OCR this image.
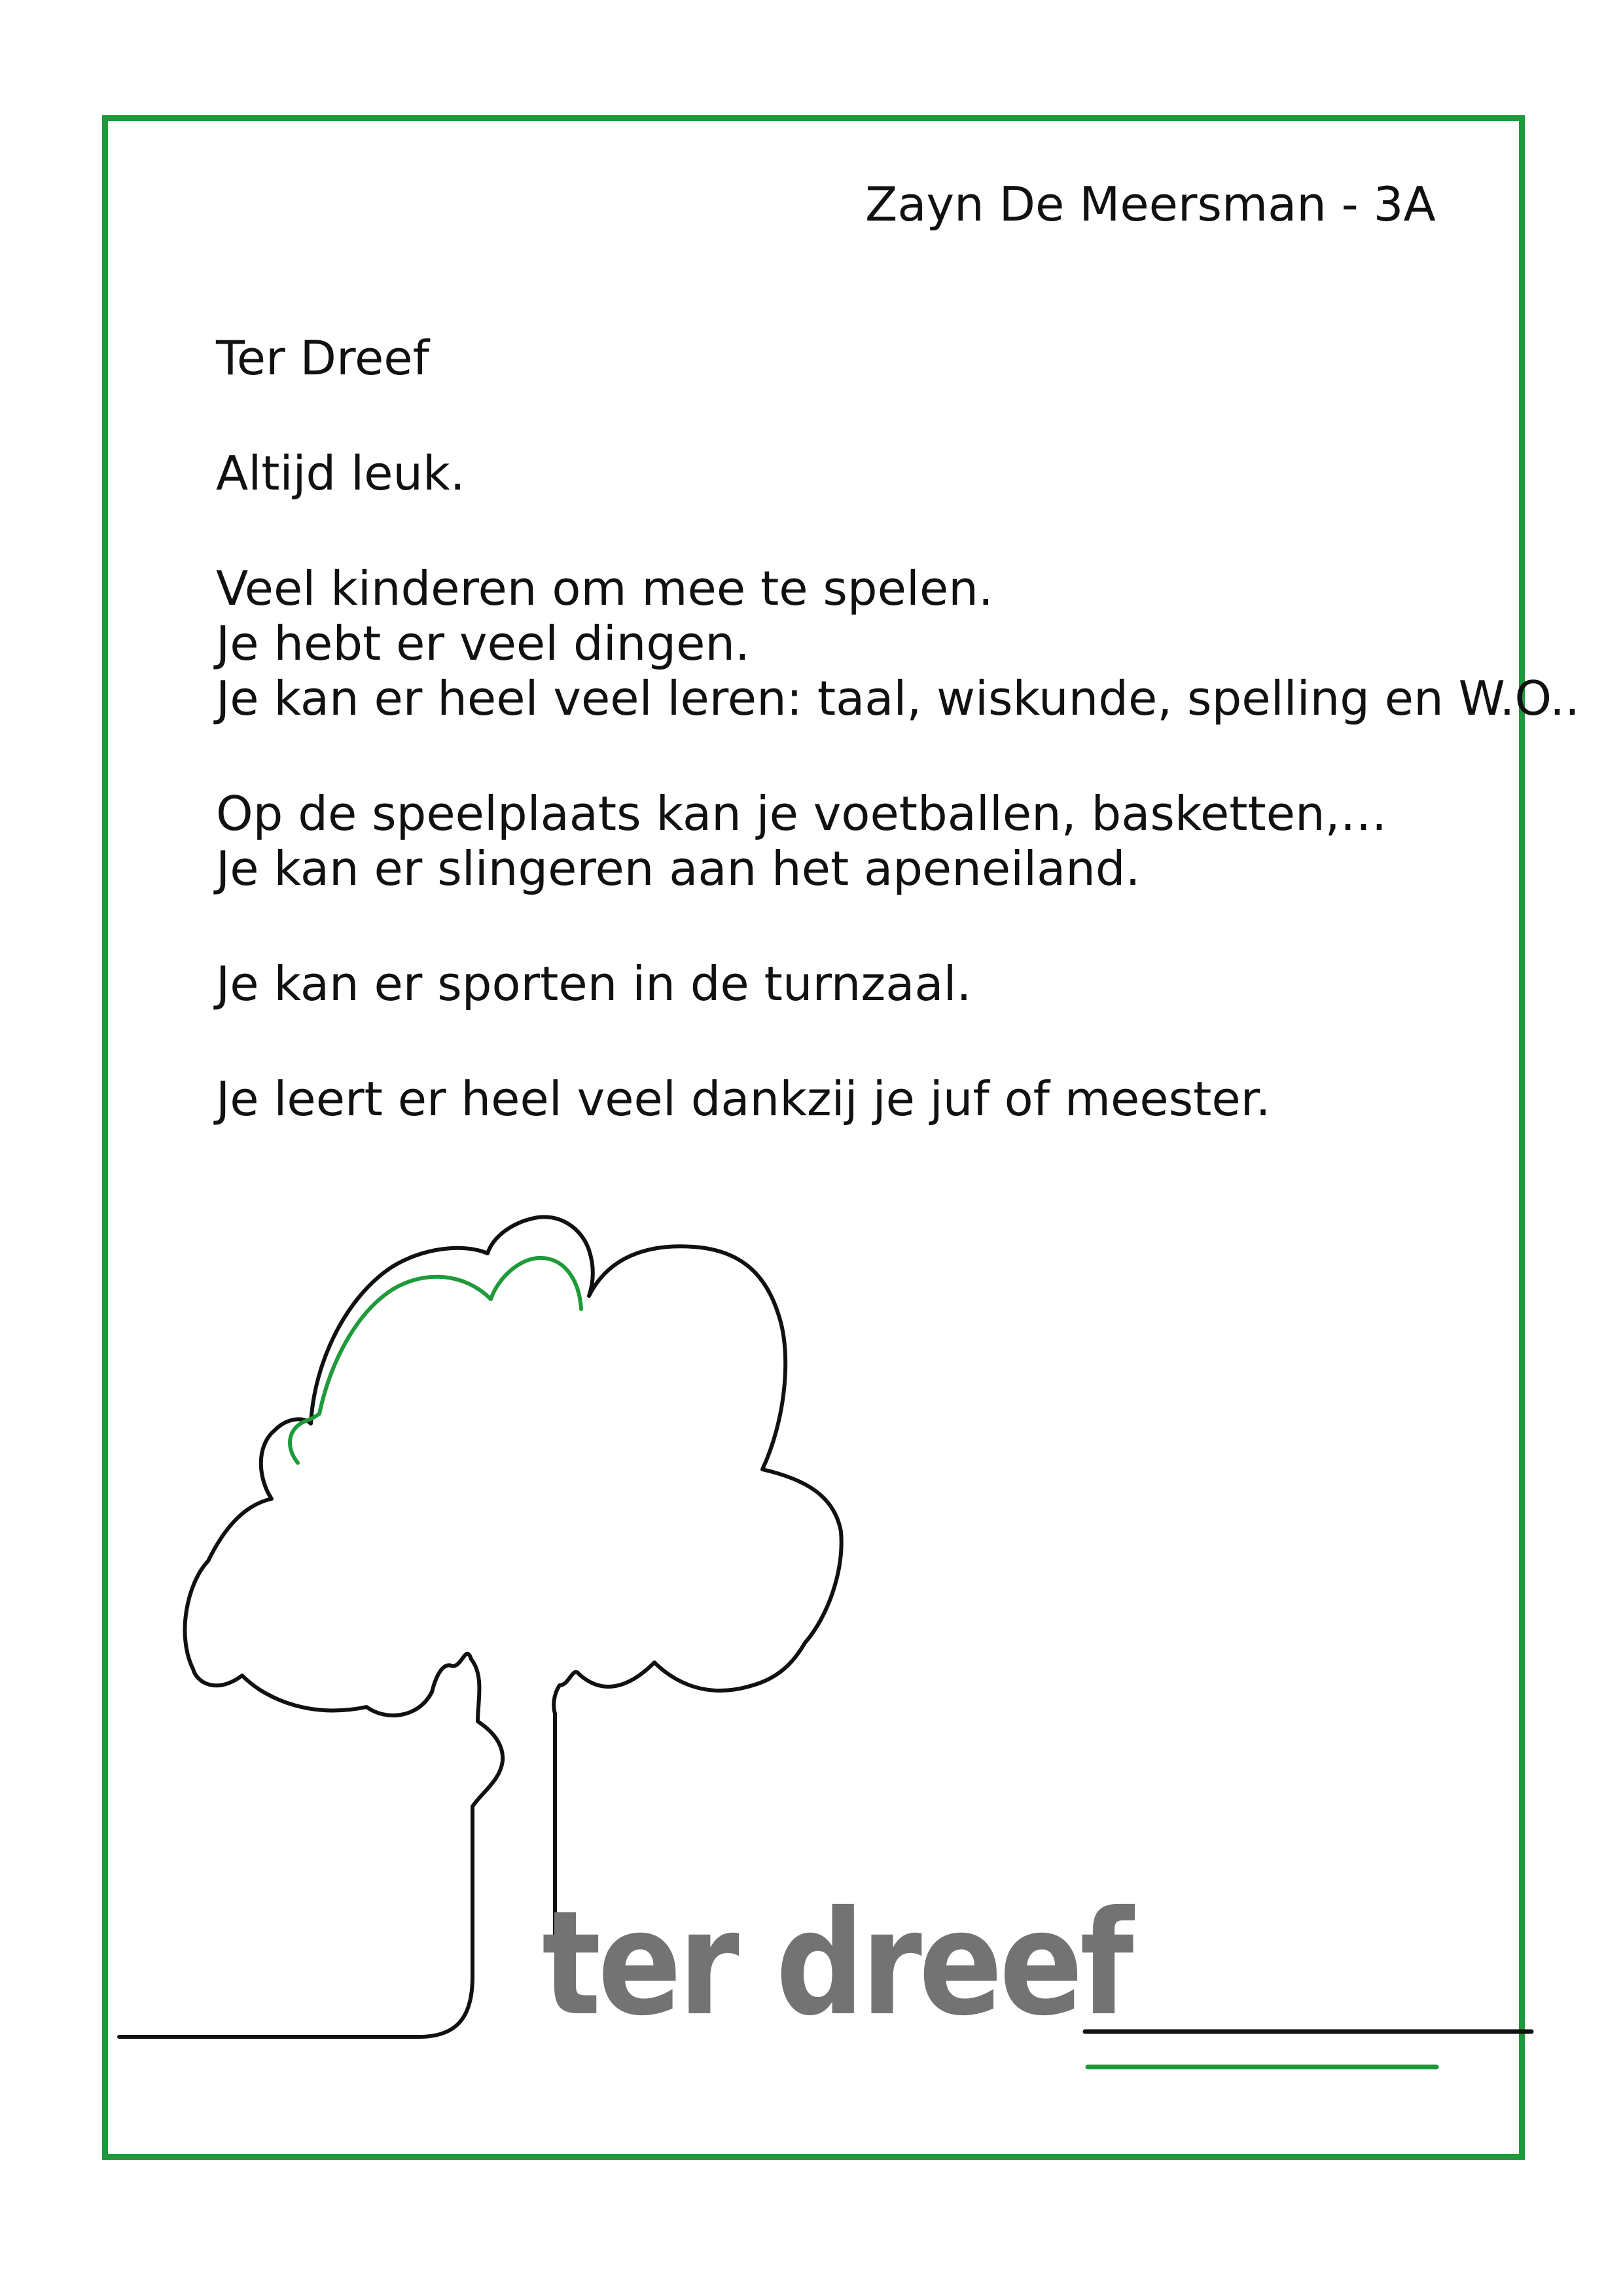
Zayn De Meersman - 3A
Ter Dreef
Altijd leuk.
Veel kinderen om mee te spelen.
Je hebt er veel dingen.
Je kan er heel veel leren: taal, wiskunde, spelling en W.O..
Op de speelplaats kan je voetballen, basketten,…
Je kan er slingeren aan het apeneiland.
Je kan er sporten in de turnzaal.
Je leert er heel veel dankzij je juf of meester.
ter dreef
